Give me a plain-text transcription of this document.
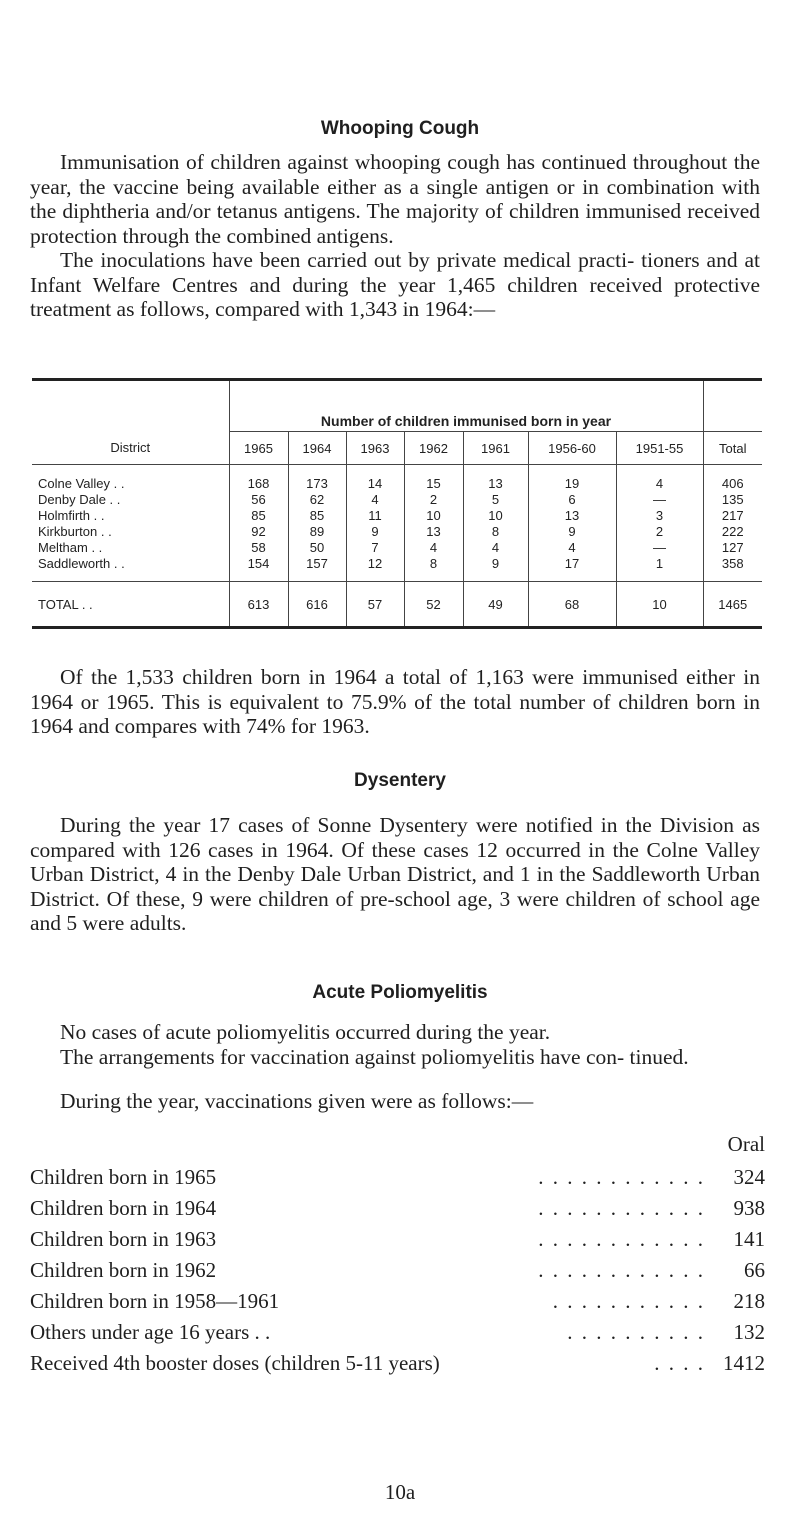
Whooping Cough

Immunisation of children against whooping cough has continued throughout the year, the vaccine being available either as a single antigen or in combination with the diphtheria and/or tetanus antigens. The majority of children immunised received protection through the combined antigens.

The inoculations have been carried out by private medical practi- tioners and at Infant Welfare Centres and during the year 1,465 children received protective treatment as follows, compared with 1,343 in 1964:—

	Number of children immunised born in year							
District	1965	1964	1963	1962	1961	1956-60	1951-55	Total
Colne Valley . .	168	173	14	15	13	19	4	406
Denby Dale . .	56	62	4	2	5	6	—	135
Holmfirth . .	85	85	11	10	10	13	3	217
Kirkburton . .	92	89	9	13	8	9	2	222
Meltham . .	58	50	7	4	4	4	—	127
Saddleworth . .	154	157	12	8	9	17	1	358
TOTAL . .	613	616	57	52	49	68	10	1465

Of the 1,533 children born in 1964 a total of 1,163 were immunised either in 1964 or 1965. This is equivalent to 75.9% of the total number of children born in 1964 and compares with 74% for 1963.

Dysentery

During the year 17 cases of Sonne Dysentery were notified in the Division as compared with 126 cases in 1964. Of these cases 12 occurred in the Colne Valley Urban District, 4 in the Denby Dale Urban District, and 1 in the Saddleworth Urban District. Of these, 9 were children of pre-school age, 3 were children of school age and 5 were adults.

Acute Poliomyelitis

No cases of acute poliomyelitis occurred during the year.

The arrangements for vaccination against poliomyelitis have con- tinued.

During the year, vaccinations given were as follows:—

Oral
Children born in 1965	. . . . . . . . . . . .	324
Children born in 1964	. . . . . . . . . . . .	938
Children born in 1963	. . . . . . . . . . . .	141
Children born in 1962	. . . . . . . . . . . .	66
Children born in 1958—1961	. . . . . . . . . . .	218
Others under age 16 years . .	. . . . . . . . . .	132
Received 4th booster doses (children 5-11 years)	. . . . 1412
10a
